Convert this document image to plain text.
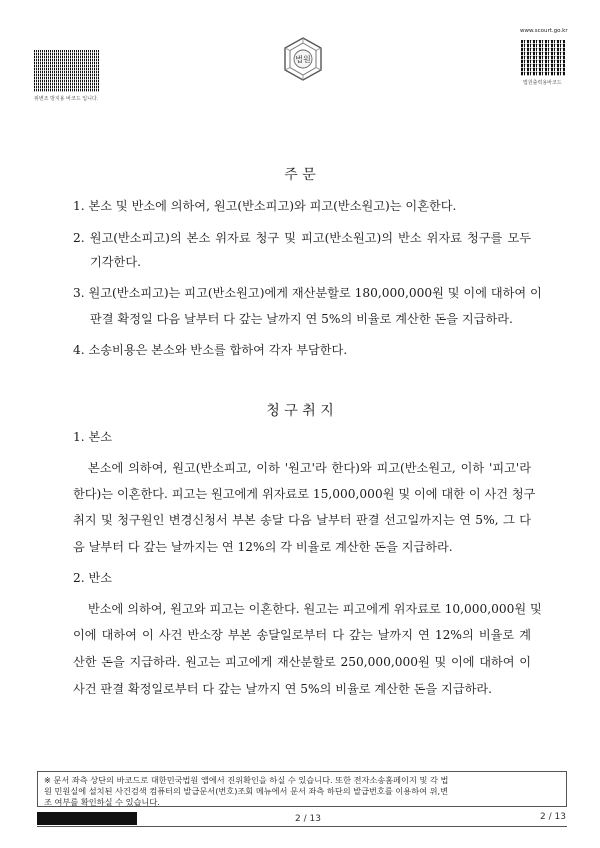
위변조 방지용 바코드 입니다.
법원
www.scourt.go.kr
법원출력용바코드
주 문
1. 본소 및 반소에 의하여, 원고(반소피고)와 피고(반소원고)는 이혼한다.
2. 원고(반소피고)의 본소 위자료 청구 및 피고(반소원고)의 반소 위자료 청구를 모두
기각한다.
3. 원고(반소피고)는 피고(반소원고)에게 재산분할로 180,000,000원 및 이에 대하여 이
판결 확정일 다음 날부터 다 갚는 날까지 연 5%의 비율로 계산한 돈을 지급하라.
4. 소송비용은 본소와 반소를 합하여 각자 부담한다.
청 구 취 지
1. 본소
본소에 의하여, 원고(반소피고, 이하 '원고'라 한다)와 피고(반소원고, 이하 '피고'라
한다)는 이혼한다. 피고는 원고에게 위자료로 15,000,000원 및 이에 대한 이 사건 청구
취지 및 청구원인 변경신청서 부본 송달 다음 날부터 판결 선고일까지는 연 5%, 그 다
음 날부터 다 갚는 날까지는 연 12%의 각 비율로 계산한 돈을 지급하라.
2. 반소
반소에 의하여, 원고와 피고는 이혼한다. 원고는 피고에게 위자료로 10,000,000원 및
이에 대하여 이 사건 반소장 부본 송달일로부터 다 갚는 날까지 연 12%의 비율로 계
산한 돈을 지급하라. 원고는 피고에게 재산분할로 250,000,000원 및 이에 대하여 이
사건 판결 확정일로부터 다 갚는 날까지 연 5%의 비율로 계산한 돈을 지급하라.
※ 문서 좌측 상단의 바코드로 대한민국법원 앱에서 진위확인을 하실 수 있습니다. 또한 전자소송홈페이지 및 각 법
원 민원실에 설치된 사건검색 컴퓨터의 발급문서(번호)조회 메뉴에서 문서 좌측 하단의 발급번호를 이용하여 위,변
조 여부를 확인하실 수 있습니다.
2 / 13	2 / 13
